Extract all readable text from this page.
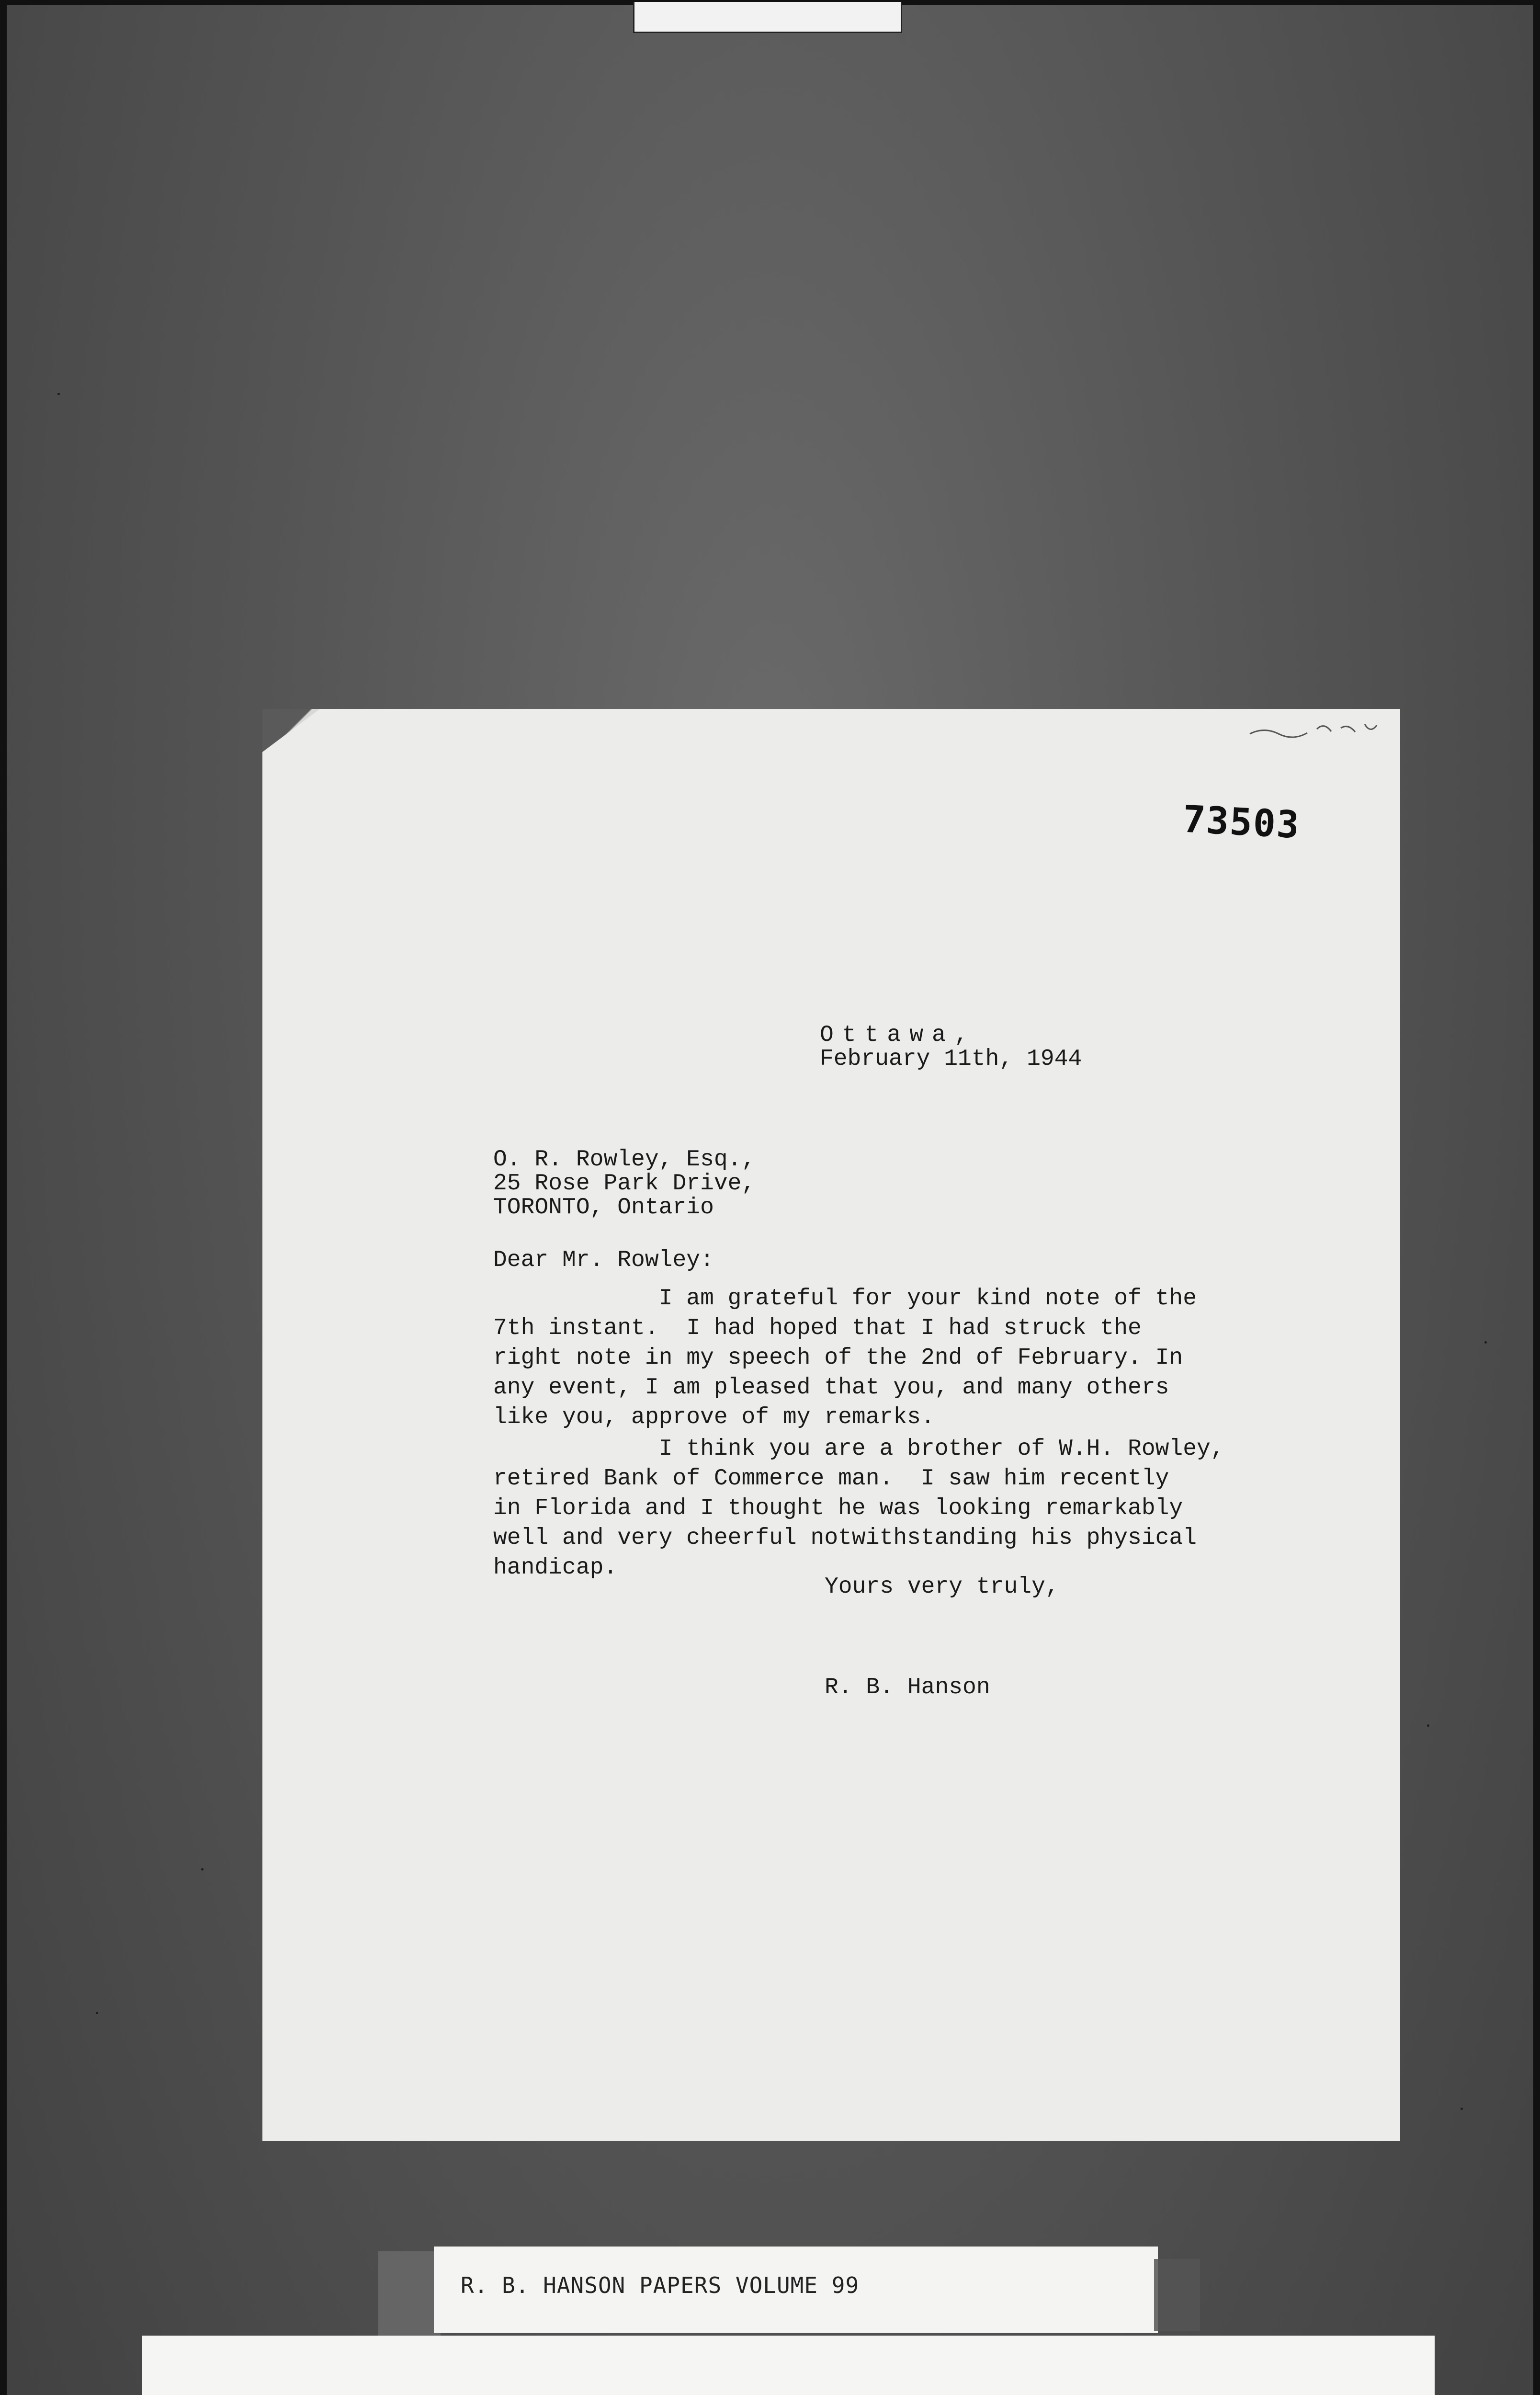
73503
Ottawa,
February 11th, 1944
O. R. Rowley, Esq.,
25 Rose Park Drive,
TORONTO, Ontario
Dear Mr. Rowley:
I am grateful for your kind note of the
7th instant.  I had hoped that I had struck the
right note in my speech of the 2nd of February. In
any event, I am pleased that you, and many others
like you, approve of my remarks.
I think you are a brother of W.H. Rowley,
retired Bank of Commerce man.  I saw him recently
in Florida and I thought he was looking remarkably
well and very cheerful notwithstanding his physical
handicap.
Yours very truly,
R. B. Hanson
R. B. HANSON PAPERS VOLUME 99
